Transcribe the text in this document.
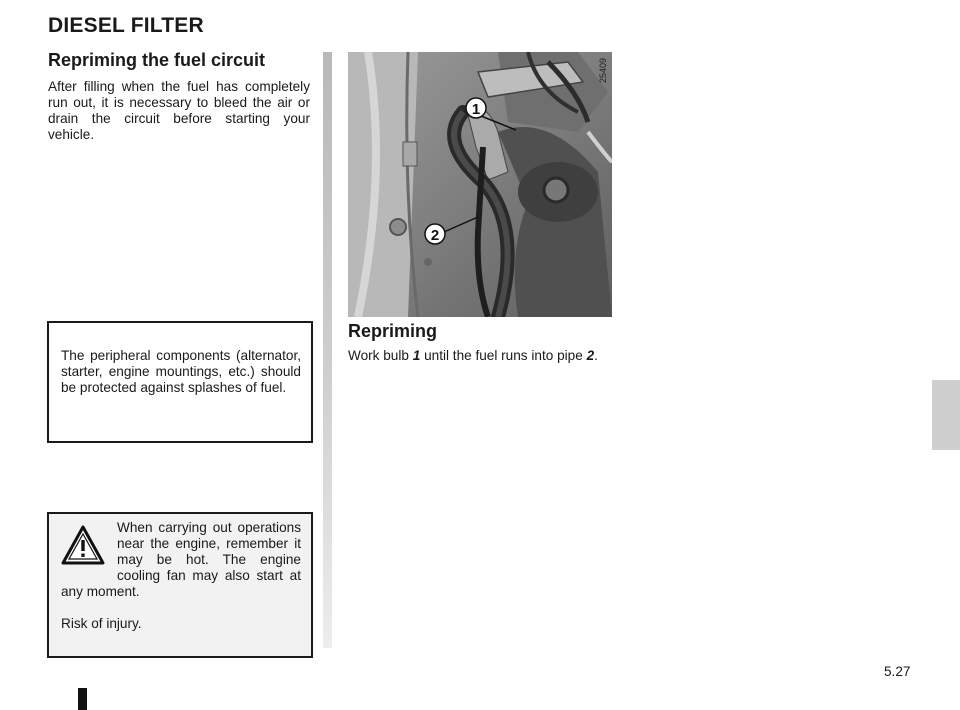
DIESEL FILTER
Repriming the fuel circuit
After filling when the fuel has completely run out, it is necessary to bleed the air or drain the circuit before starting your vehicle.
The peripheral components (alternator, starter, engine mountings, etc.) should be protected against splashes of fuel.
When carrying out operations near the engine, remember it may be hot. The engine cooling fan may also start at any moment.
Risk of injury.
1
2
25409
Repriming
Work bulb 1 until the fuel runs into pipe 2.
5.27
